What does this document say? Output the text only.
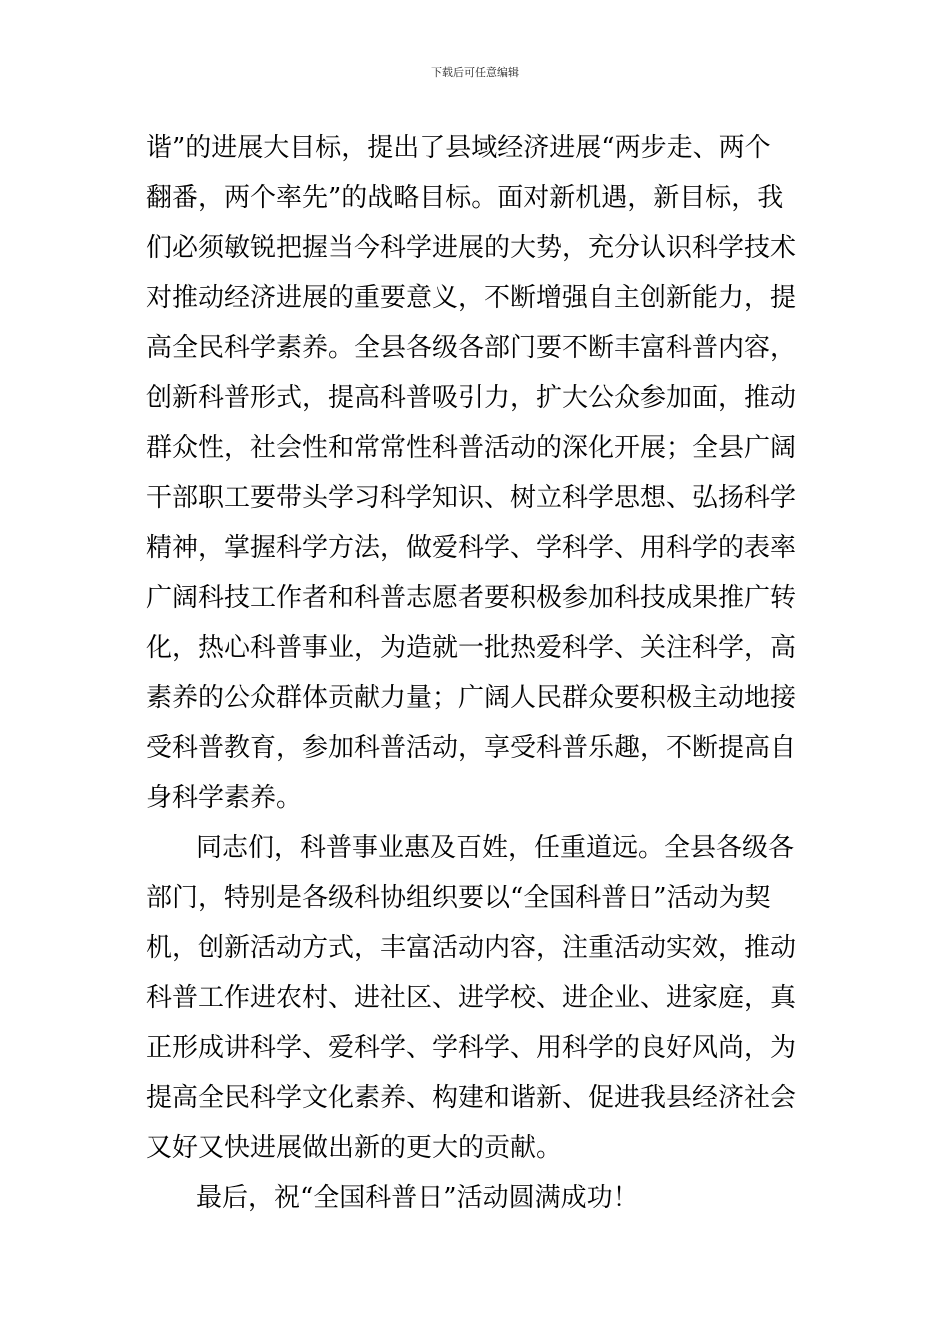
下载后可任意编辑
谐”的进展大目标，提出了县域经济进展“两步走、两个
翻番，两个率先”的战略目标。面对新机遇，新目标，我
们必须敏锐把握当今科学进展的大势，充分认识科学技术
对推动经济进展的重要意义，不断增强自主创新能力，提
高全民科学素养。全县各级各部门要不断丰富科普内容，
创新科普形式，提高科普吸引力，扩大公众参加面，推动
群众性，社会性和常常性科普活动的深化开展；全县广阔
干部职工要带头学习科学知识、树立科学思想、弘扬科学
精神，掌握科学方法，做爱科学、学科学、用科学的表率
广阔科技工作者和科普志愿者要积极参加科技成果推广转
化，热心科普事业，为造就一批热爱科学、关注科学，高
素养的公众群体贡献力量；广阔人民群众要积极主动地接
受科普教育，参加科普活动，享受科普乐趣，不断提高自
身科学素养。
同志们，科普事业惠及百姓，任重道远。全县各级各
部门，特别是各级科协组织要以“全国科普日”活动为契
机，创新活动方式，丰富活动内容，注重活动实效，推动
科普工作进农村、进社区、进学校、进企业、进家庭，真
正形成讲科学、爱科学、学科学、用科学的良好风尚，为
提高全民科学文化素养、构建和谐新、促进我县经济社会
又好又快进展做出新的更大的贡献。
最后，祝“全国科普日”活动圆满成功！
